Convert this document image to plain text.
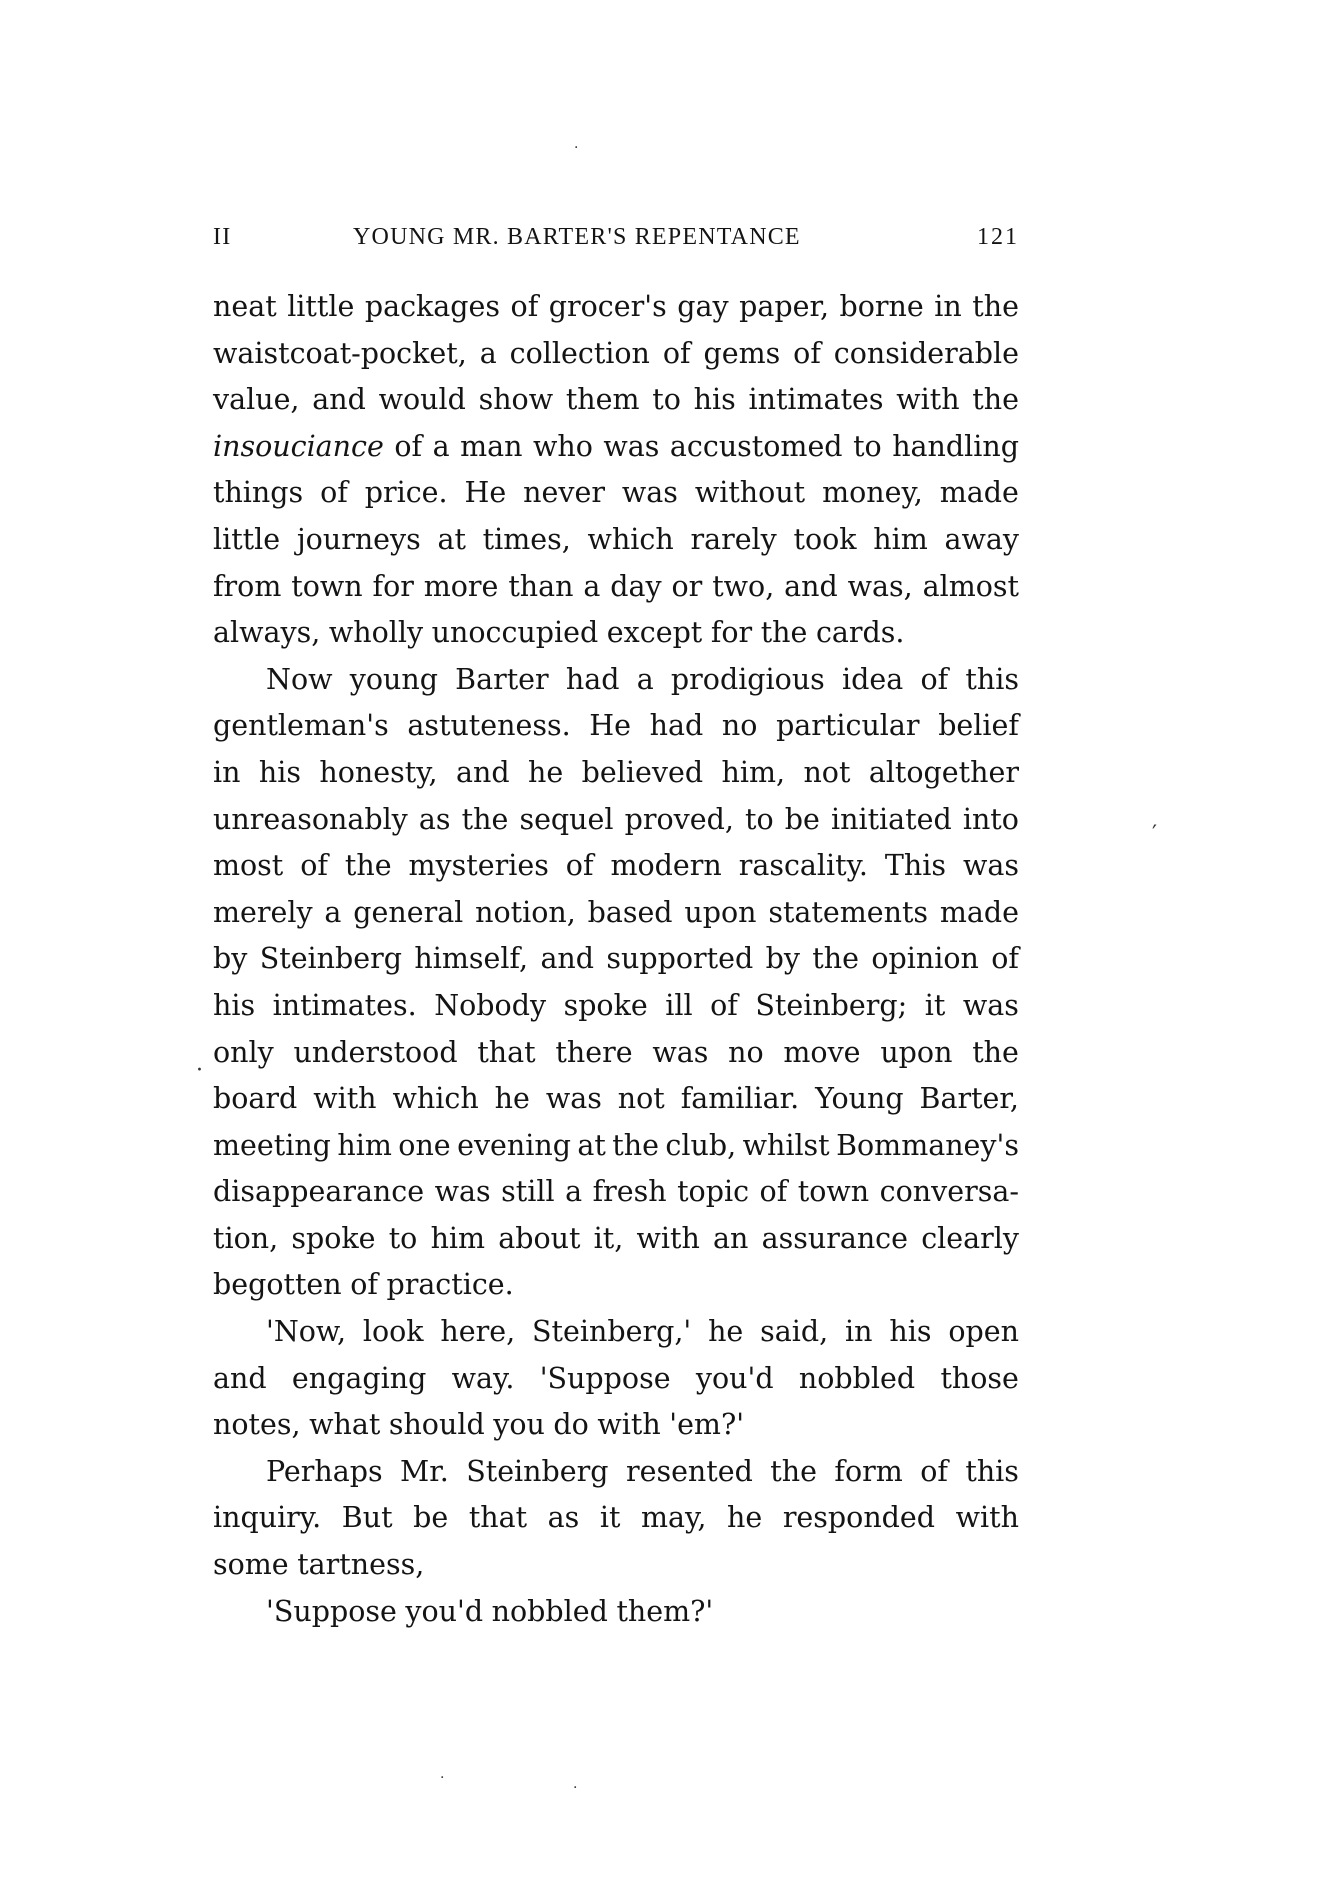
II	YOUNG MR. BARTER'S REPENTANCE	121
neat little packages of grocer's gay paper, borne in the
waistcoat-pocket, a collection of gems of considerable
value, and would show them to his intimates with the
insouciance of a man who was accustomed to handling
things of price. He never was without money, made
little journeys at times, which rarely took him away
from town for more than a day or two, and was, almost
always, wholly unoccupied except for the cards.
Now young Barter had a prodigious idea of this
gentleman's astuteness. He had no particular belief
in his honesty, and he believed him, not altogether
unreasonably as the sequel proved, to be initiated into
most of the mysteries of modern rascality. This was
merely a general notion, based upon statements made
by Steinberg himself, and supported by the opinion of
his intimates. Nobody spoke ill of Steinberg; it was
only understood that there was no move upon the
board with which he was not familiar. Young Barter,
meeting him one evening at the club, whilst Bommaney's
disappearance was still a fresh topic of town conversa-
tion, spoke to him about it, with an assurance clearly
begotten of practice.
'Now, look here, Steinberg,' he said, in his open
and engaging way. 'Suppose you'd nobbled those
notes, what should you do with 'em?'
Perhaps Mr. Steinberg resented the form of this
inquiry. But be that as it may, he responded with
some tartness,
'Suppose you'd nobbled them?'
′
·
·
·
·
